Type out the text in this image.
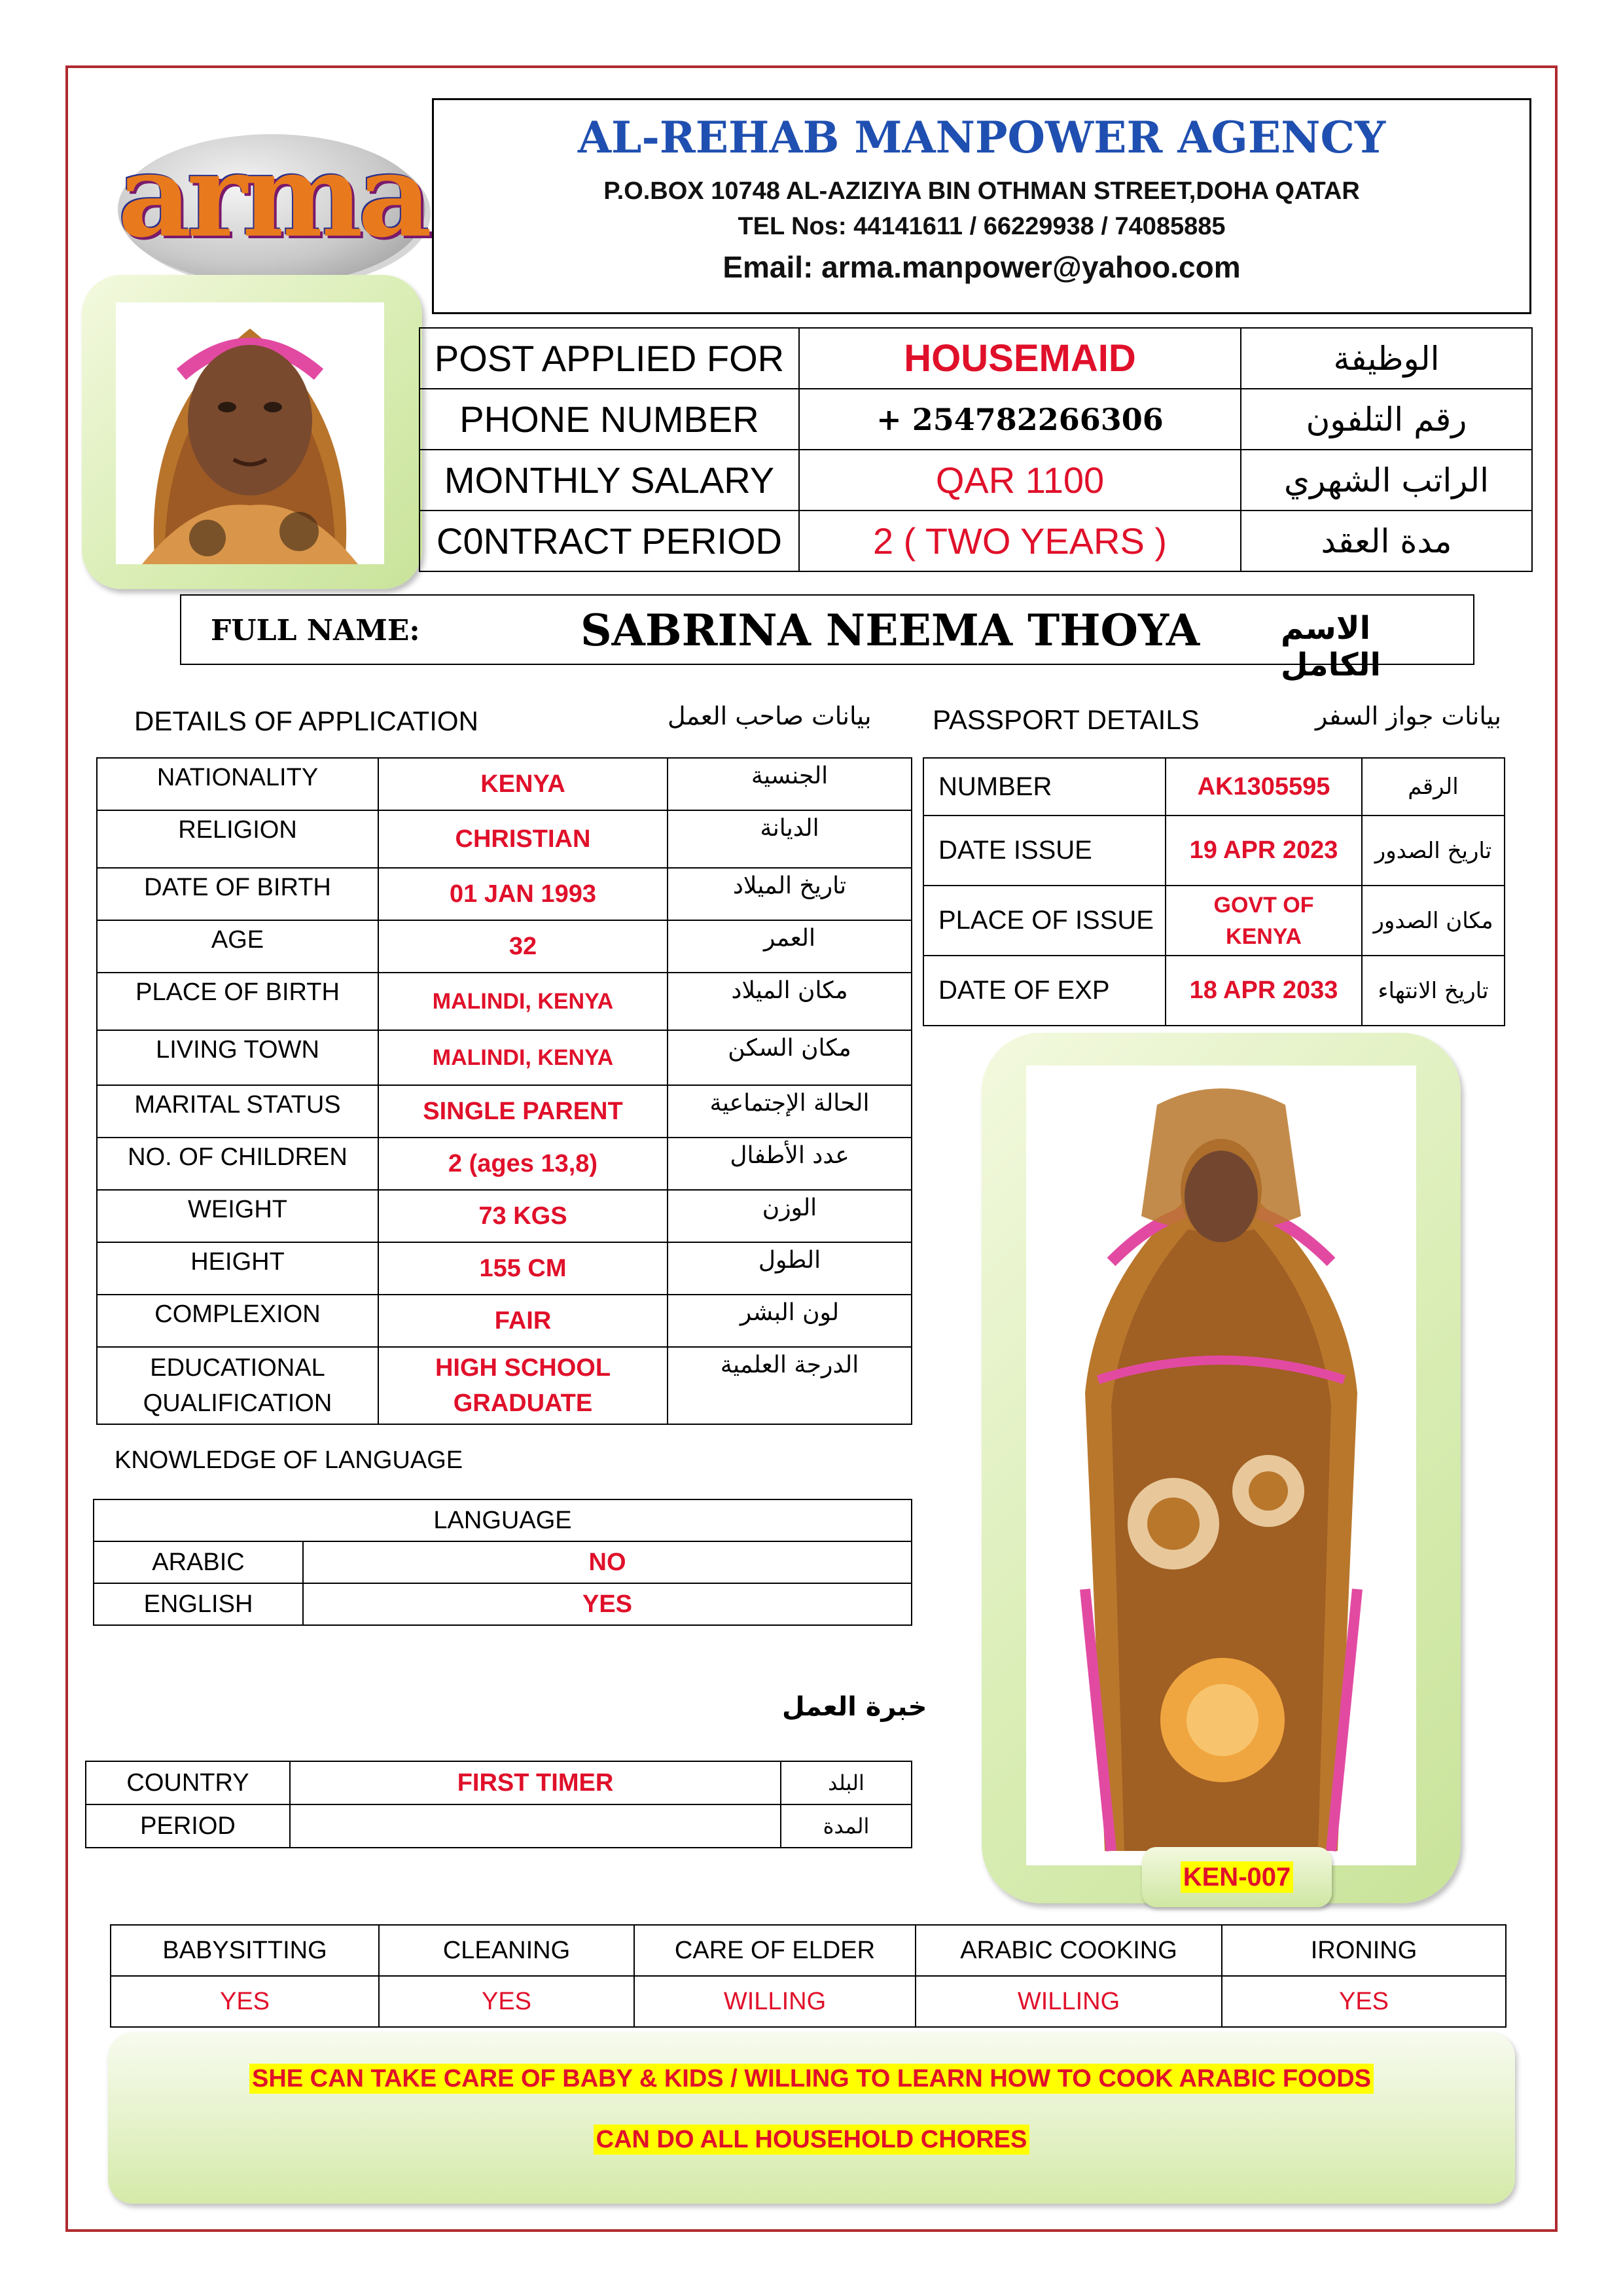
arma	AL-REHAB MANPOWER AGENCY
P.O.BOX 10748 AL-AZIZIYA BIN OTHMAN STREET,DOHA QATAR
TEL Nos: 44141611 / 66229938 / 74085885
Email: arma.manpower@yahoo.com
POST APPLIED FOR	HOUSEMAID	الوظيفة
PHONE NUMBER	+ 254782266306	رقم التلفون
MONTHLY SALARY	QAR 1100	الراتب الشهري
C0NTRACT PERIOD	2 ( TWO YEARS )	مدة العقد
FULL NAME:	SABRINA NEEMA THOYA	الاسم الكامل
DETAILS OF APPLICATION	بيانات صاحب العمل PASSPORT DETAILS	بيانات جواز السفر
NATIONALITY	KENYA	الجنسية
RELIGION	CHRISTIAN	الديانة
DATE OF BIRTH	01 JAN 1993	تاريخ الميلاد
AGE	32	العمر
PLACE OF BIRTH	MALINDI, KENYA	مكان الميلاد
LIVING TOWN	MALINDI, KENYA	مكان السكن
MARITAL STATUS	SINGLE PARENT	الحالة الإجتماعية
NO. OF CHILDREN	2 (ages 13,8)	عدد الأطفال
WEIGHT	73 KGS	الوزن
HEIGHT	155 CM	الطول
COMPLEXION	FAIR	لون البشر
EDUCATIONAL QUALIFICATION	HIGH SCHOOL GRADUATE	الدرجة العلمية
NUMBER	AK1305595	الرقم
DATE ISSUE	19 APR 2023	تاريخ الصدور
PLACE OF ISSUE	GOVT OF KENYA	مكان الصدور
DATE OF EXP	18 APR 2033	تاريخ الانتهاء
KEN-007
KNOWLEDGE OF LANGUAGE
LANGUAGE	
ARABIC	NO
ENGLISH	YES
خبرة العمل
COUNTRY	FIRST TIMER	البلد
PERIOD		المدة
BABYSITTING	CLEANING	CARE OF ELDER	ARABIC COOKING	IRONING
YES	YES	WILLING	WILLING	YES
SHE CAN TAKE CARE OF BABY & KIDS / WILLING TO LEARN HOW TO COOK ARABIC FOODS
CAN DO ALL HOUSEHOLD CHORES
